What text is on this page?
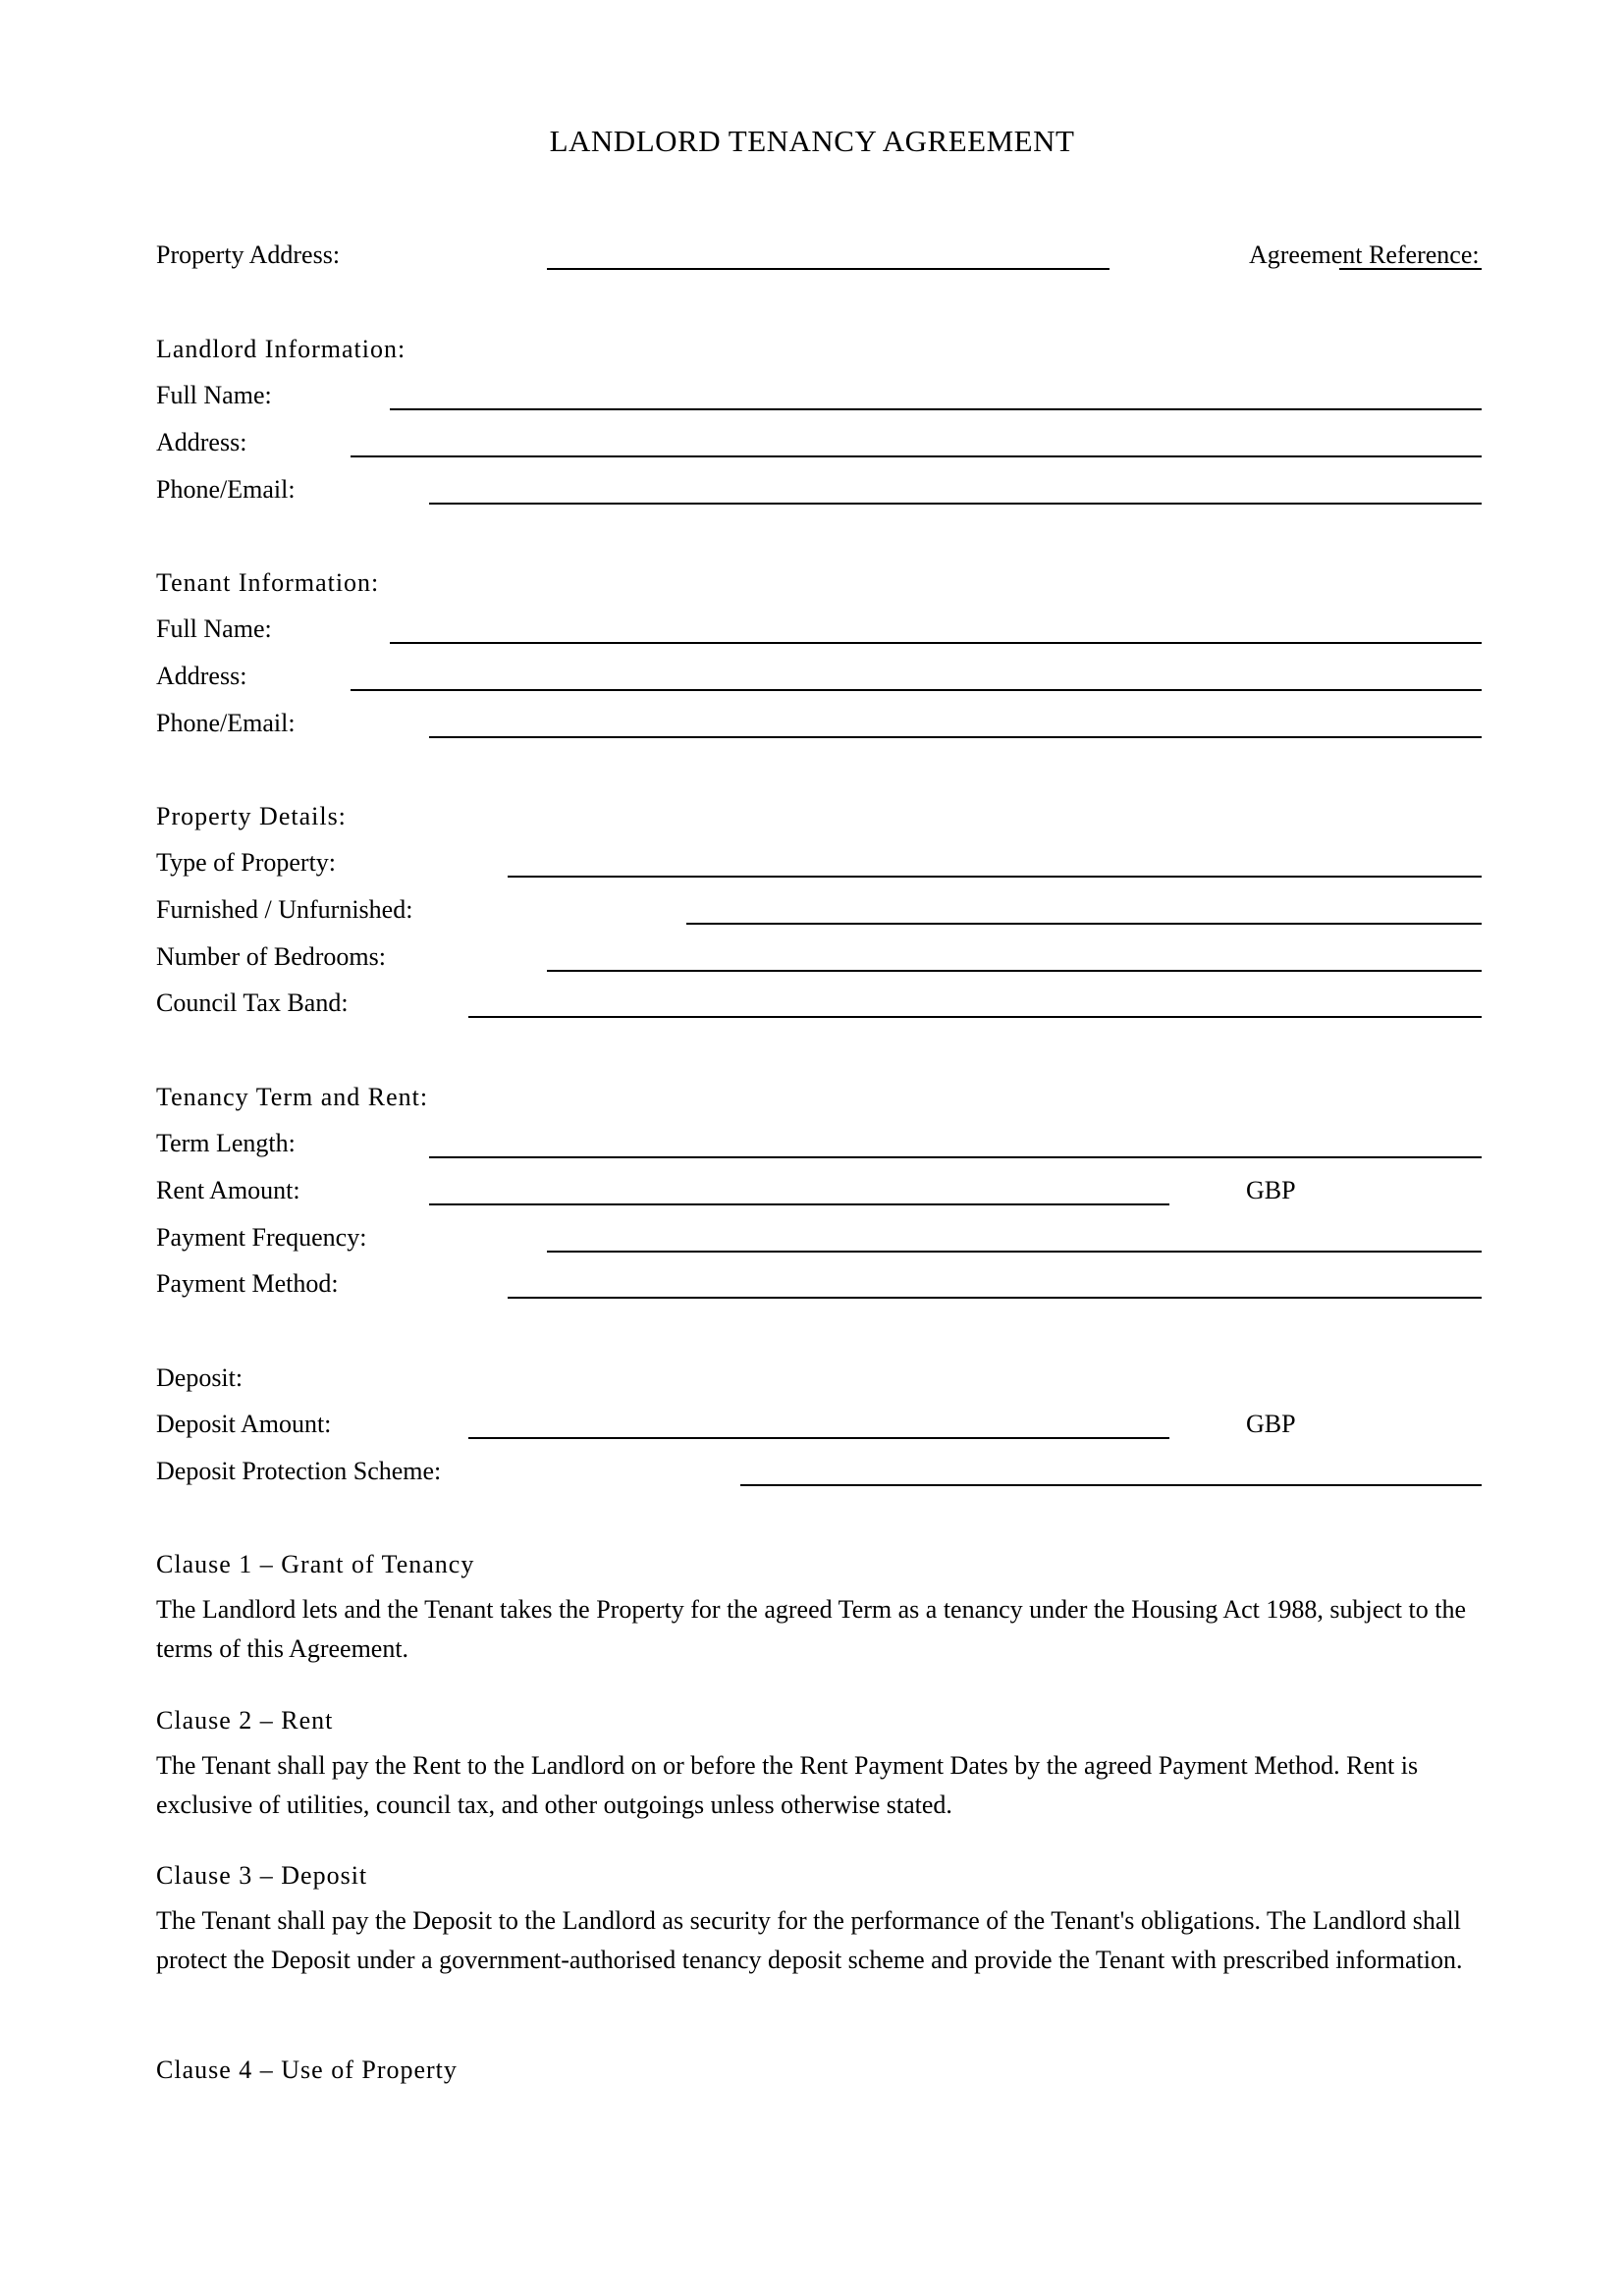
LANDLORD TENANCY AGREEMENT
Property Address:	Agreement Reference:
Landlord Information:
Full Name:
Address:
Phone/Email:
Tenant Information:
Full Name:
Address:
Phone/Email:
Property Details:
Type of Property:
Furnished / Unfurnished:
Number of Bedrooms:
Council Tax Band:
Tenancy Term and Rent:
Term Length:
Rent Amount:	GBP
Payment Frequency:
Payment Method:
Deposit:
Deposit Amount:	GBP
Deposit Protection Scheme:
Clause 1 – Grant of Tenancy
The Landlord lets and the Tenant takes the Property for the agreed Term as a tenancy under the Housing Act 1988, subject to the terms of this Agreement.
Clause 2 – Rent
The Tenant shall pay the Rent to the Landlord on or before the Rent Payment Dates by the agreed Payment Method. Rent is exclusive of utilities, council tax, and other outgoings unless otherwise stated.
Clause 3 – Deposit
The Tenant shall pay the Deposit to the Landlord as security for the performance of the Tenant's obligations. The Landlord shall protect the Deposit under a government-authorised tenancy deposit scheme and provide the Tenant with prescribed information.
Clause 4 – Use of Property
